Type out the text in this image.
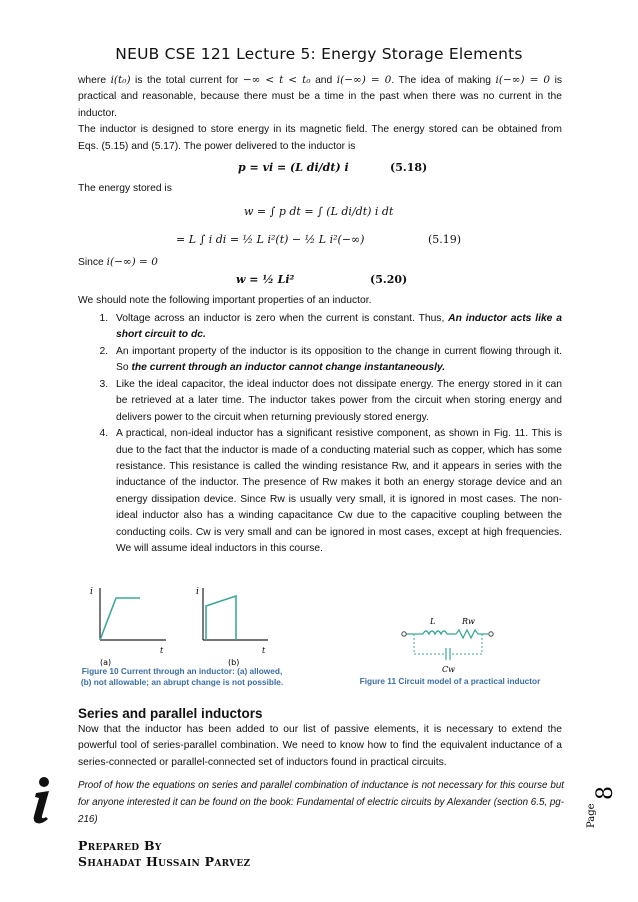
NEUB CSE 121 Lecture 5: Energy Storage Elements

where i(t₀) is the total current for −∞ < t < t₀ and i(−∞) = 0. The idea of making i(−∞) = 0 is practical and reasonable, because there must be a time in the past when there was no current in the inductor.

The inductor is designed to store energy in its magnetic field. The energy stored can be obtained from Eqs. (5.15) and (5.17). The power delivered to the inductor is

p = vi = (L di/dt) i	(5.18)

The energy stored is

w = ∫ p dt = ∫ (L di/dt) i dt
= L ∫ i di = ½ L i²(t) − ½ L i²(−∞)	(5.19)

Since i(−∞) = 0

w = ½ Li²	(5.20)

We should note the following important properties of an inductor.

1. Voltage across an inductor is zero when the current is constant. Thus, An inductor acts like a short circuit to dc.
2. An important property of the inductor is its opposition to the change in current flowing through it. So the current through an inductor cannot change instantaneously.
3. Like the ideal capacitor, the ideal inductor does not dissipate energy. The energy stored in it can be retrieved at a later time. The inductor takes power from the circuit when storing energy and delivers power to the circuit when returning previously stored energy.
4. A practical, non-ideal inductor has a significant resistive component, as shown in Fig. 11. This is due to the fact that the inductor is made of a conducting material such as copper, which has some resistance. This resistance is called the winding resistance Rw, and it appears in series with the inductance of the inductor. The presence of Rw makes it both an energy storage device and an energy dissipation device. Since Rw is usually very small, it is ignored in most cases. The non-ideal inductor also has a winding capacitance Cw due to the capacitive coupling between the conducting coils. Cw is very small and can be ignored in most cases, except at high frequencies. We will assume ideal inductors in this course.
i
t
(a)
i
t
(b)
L	Rw
Cw
Figure 10 Current through an inductor: (a) allowed, (b) not allowable; an abrupt change is not possible.	Figure 11 Circuit model of a practical inductor
Series and parallel inductors

Now that the inductor has been added to our list of passive elements, it is necessary to extend the powerful tool of series-parallel combination. We need to know how to find the equivalent inductance of a series-connected or parallel-connected set of inductors found in practical circuits.

Proof of how the equations on series and parallel combination of inductance is not necessary for this course but for anyone interested it can be found on the book: Fundamental of electric circuits by Alexander (section 6.5, pg-216)	Page
8
Prepared By
Shahadat Hussain Parvez
